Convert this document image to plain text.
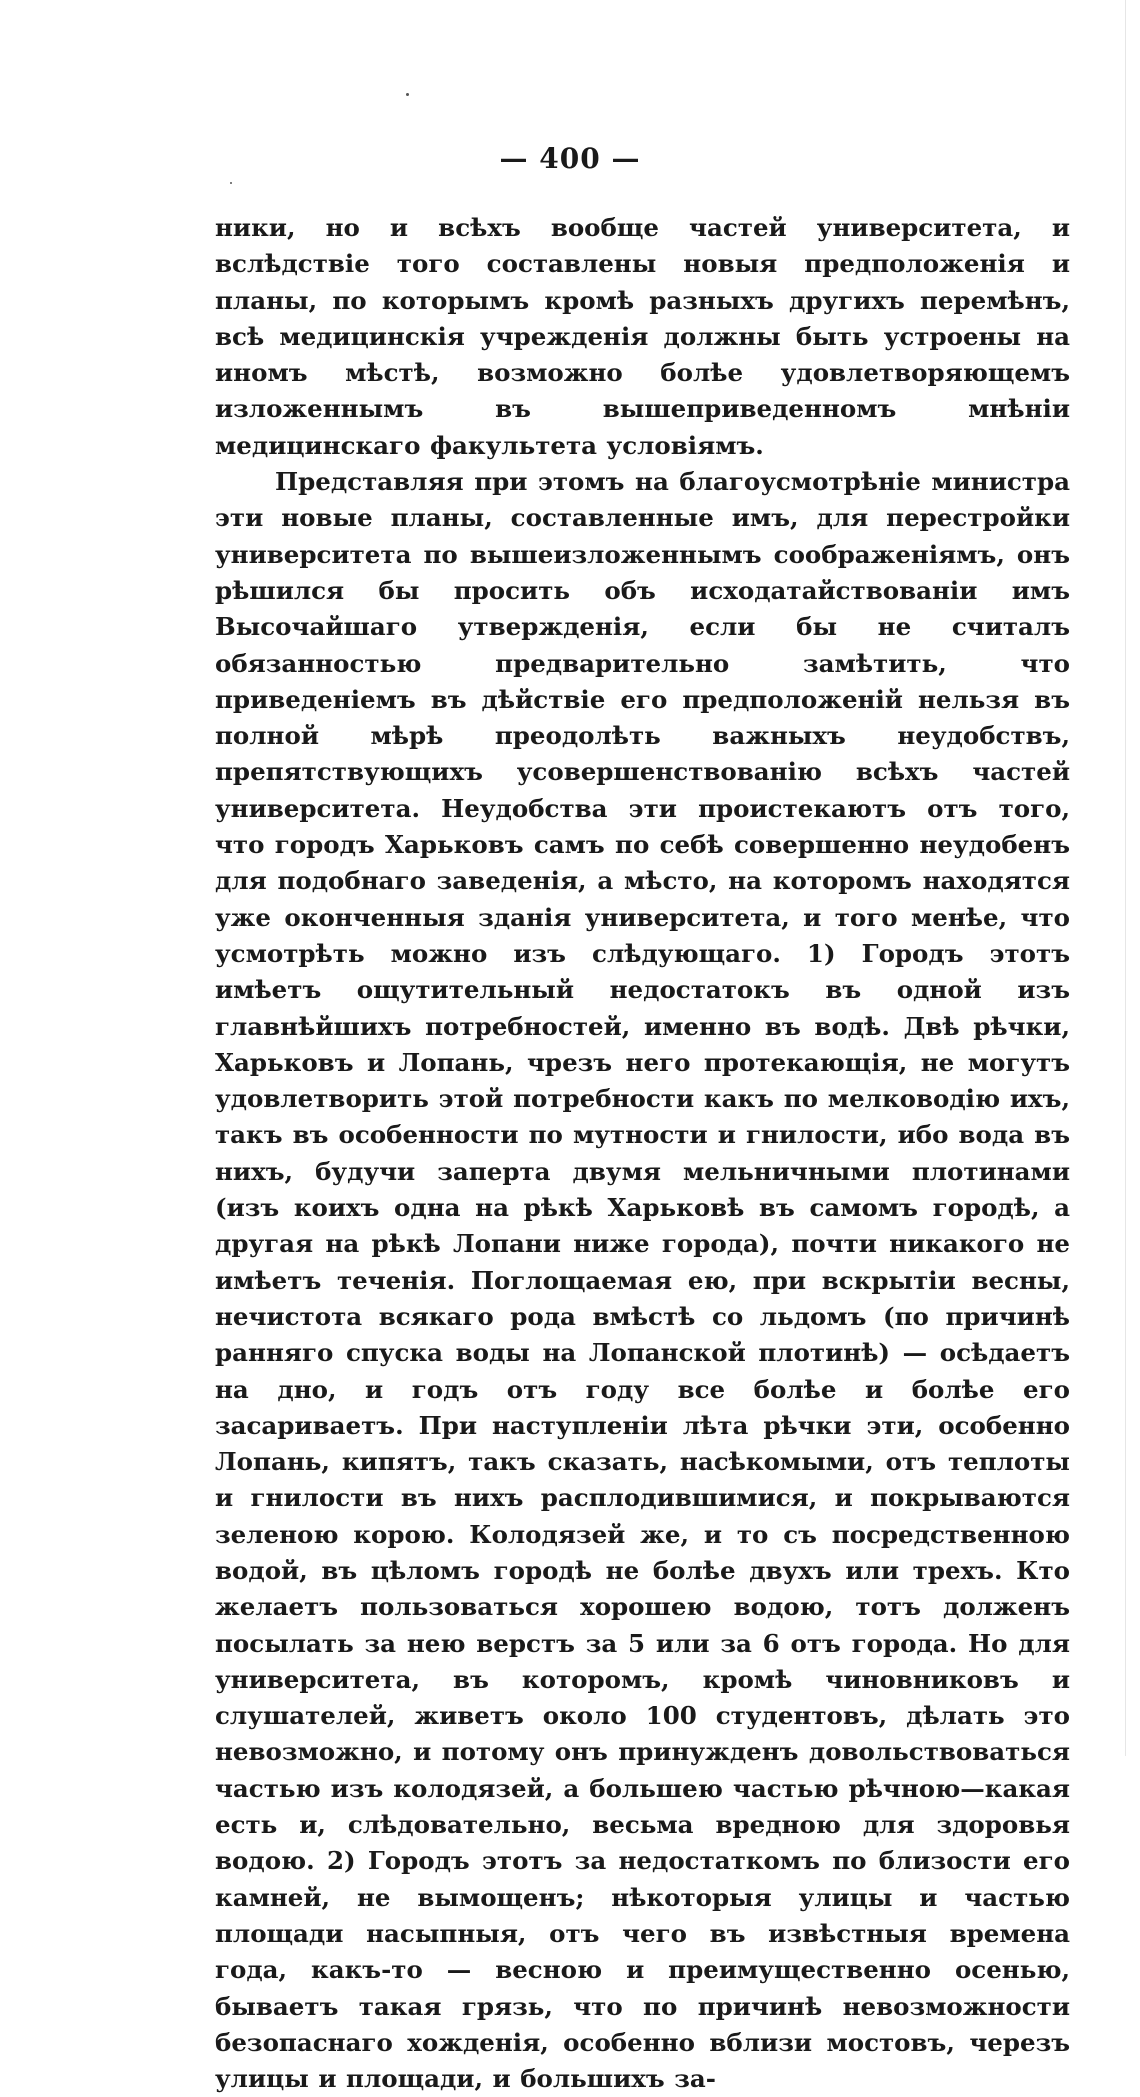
— 400 —

ники, но и всѣхъ вообще частей университета, и вслѣдствіе того составлены новыя предположенія и планы, по которымъ кромѣ разныхъ другихъ перемѣнъ, всѣ медицинскія учрежденія должны быть устроены на иномъ мѣстѣ, возможно болѣе удовлетворяющемъ изложеннымъ въ вышеприведенномъ мнѣніи медицинскаго факультета условіямъ.

Представляя при этомъ на благоусмотрѣніе министра эти новые планы, составленные имъ, для перестройки университета по вышеизложеннымъ соображеніямъ, онъ рѣшился бы просить объ исходатайствованіи имъ Высочайшаго утвержденія, если бы не считалъ обязанностью предварительно замѣтить, что приведеніемъ въ дѣйствіе его предположеній нельзя въ полной мѣрѣ преодолѣть важныхъ неудобствъ, препятствующихъ усовершенствованію всѣхъ частей университета. Неудобства эти проистекаютъ отъ того, что городъ Харьковъ самъ по себѣ совершенно неудобенъ для подобнаго заведенія, а мѣсто, на которомъ находятся уже оконченныя зданія университета, и того менѣе, что усмотрѣть можно изъ слѣдующаго. 1) Городъ этотъ имѣетъ ощутительный недостатокъ въ одной изъ главнѣйшихъ потребностей, именно въ водѣ. Двѣ рѣчки, Харьковъ и Лопань, чрезъ него протекающія, не могутъ удовлетворить этой потребности какъ по мелководію ихъ, такъ въ особенности по мутности и гнилости, ибо вода въ нихъ, будучи заперта двумя мельничными плотинами (изъ коихъ одна на рѣкѣ Харьковѣ въ самомъ городѣ, а другая на рѣкѣ Лопани ниже города), почти никакого не имѣетъ теченія. Поглощаемая ею, при вскрытіи весны, нечистота всякаго рода вмѣстѣ со льдомъ (по причинѣ ранняго спуска воды на Лопанской плотинѣ) — осѣдаетъ на дно, и годъ отъ году все болѣе и болѣе его засариваетъ. При наступленіи лѣта рѣчки эти, особенно Лопань, кипятъ, такъ сказать, насѣкомыми, отъ теплоты и гнилости въ нихъ расплодившимися, и покрываются зеленою корою. Колодязей же, и то съ посредственною водой, въ цѣломъ городѣ не болѣе двухъ или трехъ. Кто желаетъ пользоваться хорошею водою, тотъ долженъ посылать за нею верстъ за 5 или за 6 отъ города. Но для университета, въ которомъ, кромѣ чиновниковъ и слушателей, живетъ около 100 студентовъ, дѣлать это невозможно, и потому онъ принужденъ довольствоваться частью изъ колодязей, а большею частью рѣчною—какая есть и, слѣдовательно, весьма вредною для здоровья водою. 2) Городъ этотъ за недостаткомъ по близости его камней, не вымощенъ; нѣкоторыя улицы и частью площади насыпныя, отъ чего въ извѣстныя времена года, какъ-то — весною и преимущественно осенью, бываетъ такая грязь, что по причинѣ невозможности безопаснаго хожденія, особенно вблизи мостовъ, черезъ улицы и площади, и большихъ за-
